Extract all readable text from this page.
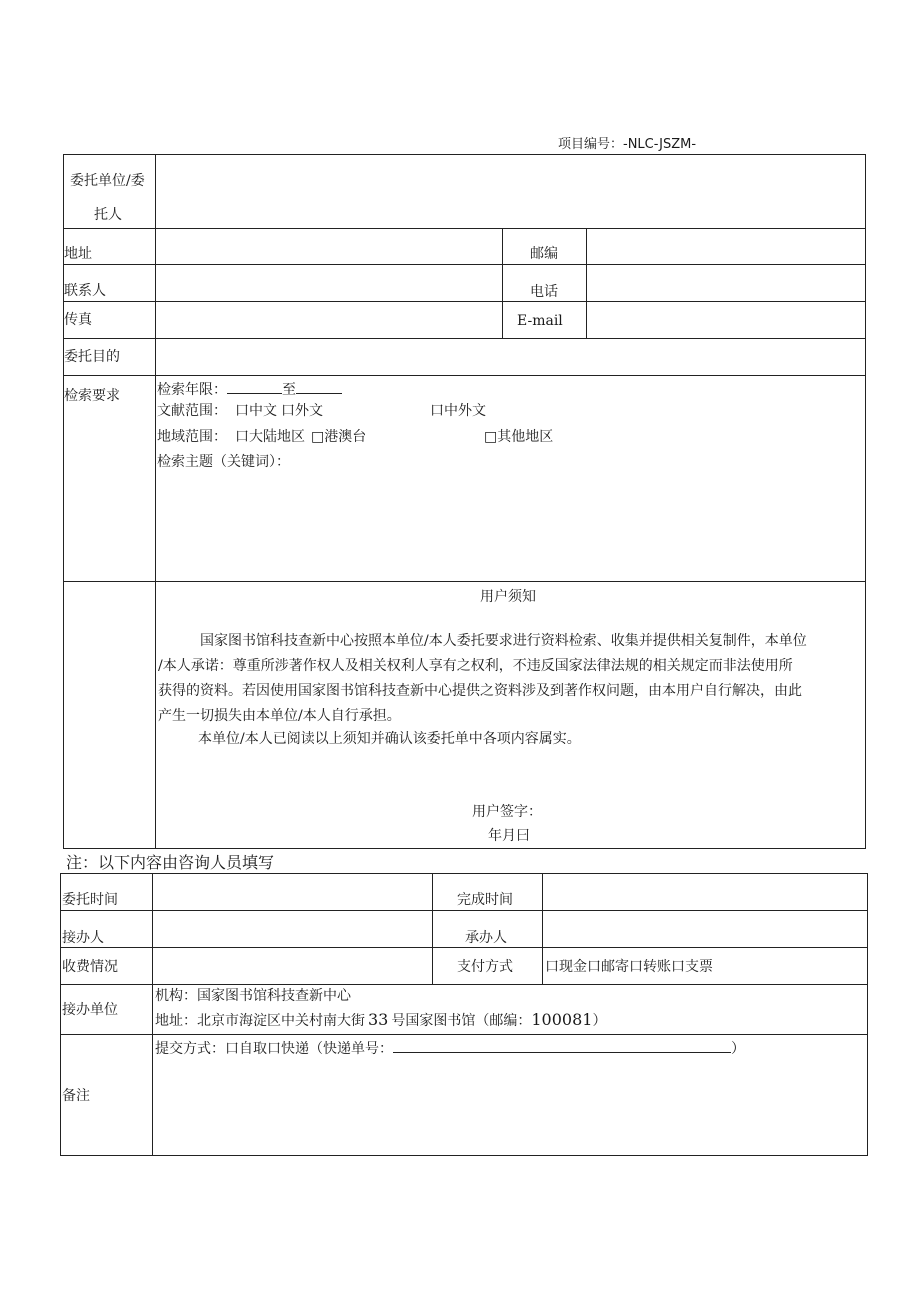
项目编号：-NLC-JSZM-
委托单位/委
托人
地址	邮编
联系人	电话
传真	E-mail
委托目的
检索要求	检索年限：	至
文献范围： 口中文 口外文	口中外文
地域范围： 口大陆地区 □港澳台	□其他地区
检索主题（关键词）：
用户须知
国家图书馆科技查新中心按照本单位/本人委托要求进行资料检索、收集并提供相关复制件，本单位
/本人承诺：尊重所涉著作权人及相关权利人享有之权利，不违反国家法律法规的相关规定而非法使用所
获得的资料。若因使用国家图书馆科技查新中心提供之资料涉及到著作权问题，由本用户自行解决，由此
产生一切损失由本单位/本人自行承担。
本单位/本人已阅读以上须知并确认该委托单中各项内容属实。
用户签字：
年月曰
注：以下内容由咨询人员填写
委托时间	完成时间
接办人	承办人
收费情况	支付方式 口现金口邮寄口转账口支票
接办单位
机构：国家图书馆科技查新中心
地址：北京市海淀区中关村南大街 33 号国家图书馆（邮编：100081）
备注
提交方式：口自取口快递（快递单号：	）
